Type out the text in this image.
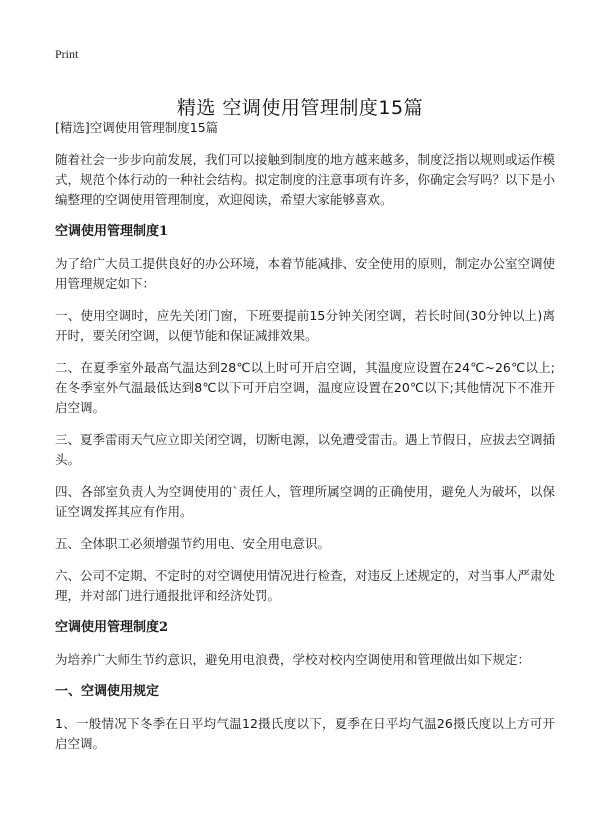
Print
精选 空调使用管理制度15篇
[精选]空调使用管理制度15篇

随着社会一步步向前发展，我们可以接触到制度的地方越来越多，制度泛指以规则或运作模式，规范个体行动的一种社会结构。拟定制度的注意事项有许多，你确定会写吗？以下是小编整理的空调使用管理制度，欢迎阅读，希望大家能够喜欢。

空调使用管理制度1

为了给广大员工提供良好的办公环境，本着节能减排、安全使用的原则，制定办公室空调使用管理规定如下：

一、使用空调时，应先关闭门窗，下班要提前15分钟关闭空调，若长时间(30分钟以上)离开时，要关闭空调，以便节能和保证减排效果。

二、在夏季室外最高气温达到28℃以上时可开启空调，其温度应设置在24℃~26℃以上;在冬季室外气温最低达到8℃以下可开启空调，温度应设置在20℃以下;其他情况下不准开启空调。

三、夏季雷雨天气应立即关闭空调，切断电源，以免遭受雷击。遇上节假日，应拔去空调插头。

四、各部室负责人为空调使用的`责任人，管理所属空调的正确使用，避免人为破坏，以保证空调发挥其应有作用。

五、全体职工必须增强节约用电、安全用电意识。

六、公司不定期、不定时的对空调使用情况进行检查，对违反上述规定的，对当事人严肃处理，并对部门进行通报批评和经济处罚。

空调使用管理制度2

为培养广大师生节约意识，避免用电浪费，学校对校内空调使用和管理做出如下规定：

一、空调使用规定

1、一般情况下冬季在日平均气温12摄氏度以下，夏季在日平均气温26摄氏度以上方可开启空调。
